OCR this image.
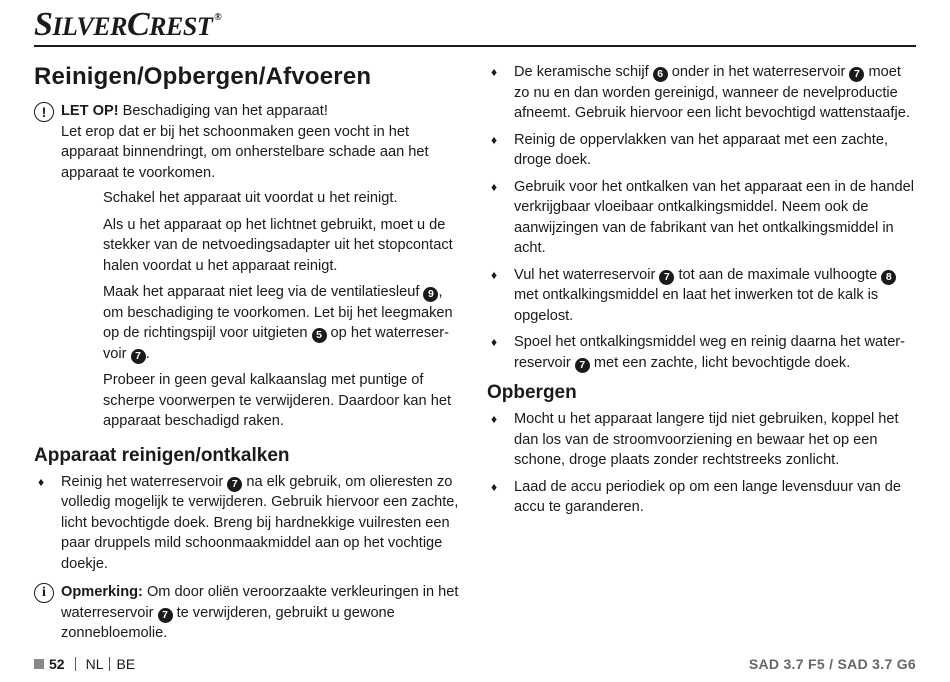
SILVERCREST ®
Reinigen/Opbergen/Afvoeren
!	LET OP! Beschadiging van het apparaat!
Let erop dat er bij het schoonmaken geen vocht in het apparaat binnendringt, om onherstelbare schade aan het apparaat te voorkomen.
Schakel het apparaat uit voordat u het reinigt.
Als u het apparaat op het lichtnet gebruikt, moet u de stekker van de netvoedingsadapter uit het stopcontact halen voordat u het apparaat reinigt.
Maak het apparaat niet leeg via de ventilatiesleuf 9 , om beschadiging te voorkomen. Let bij het leegmaken op de richtingspijl voor uitgieten 5 op het waterreservoir 7 .
Probeer in geen geval kalkaanslag met puntige of scherpe voorwerpen te verwijderen. Daardoor kan het apparaat beschadigd raken.
Apparaat reinigen/ontkalken
♦ Reinig het waterreservoir 7 na elk gebruik, om olieresten zo volledig mogelijk te verwijderen. Gebruik hiervoor een zachte, licht bevochtigde doek. Breng bij hardnekkige vuilresten een paar druppels mild schoonmaakmiddel aan op het vochtige doekje.
i	Opmerking: Om door oliën veroorzaakte verkleuringen in het waterreservoir 7 te verwijderen, gebruikt u gewone zonnebloemolie.
♦ De keramische schijf 6 onder in het waterreservoir 7 moet zo nu en dan worden gereinigd, wanneer de nevelproductie afneemt. Gebruik hiervoor een licht bevochtigd wattenstaafje.
♦ Reinig de oppervlakken van het apparaat met een zachte, droge doek.
♦ Gebruik voor het ontkalken van het apparaat een in de handel verkrijgbaar vloeibaar ontkalkingsmiddel. Neem ook de aanwijzingen van de fabrikant van het ontkalkingsmiddel in acht.
♦ Vul het waterreservoir 7 tot aan de maximale vulhoogte 8 met ontkalkingsmiddel en laat het inwerken tot de kalk is opgelost.
♦ Spoel het ontkalkingsmiddel weg en reinig daarna het waterreservoir 7 met een zachte, licht bevochtigde doek.
Opbergen
♦ Mocht u het apparaat langere tijd niet gebruiken, koppel het dan los van de stroomvoorziening en bewaar het op een schone, droge plaats zonder rechtstreeks zonlicht.
♦ Laad de accu periodiek op om een lange levensduur van de accu te garanderen.
52 NL BE	SAD 3.7 F5 / SAD 3.7 G6
